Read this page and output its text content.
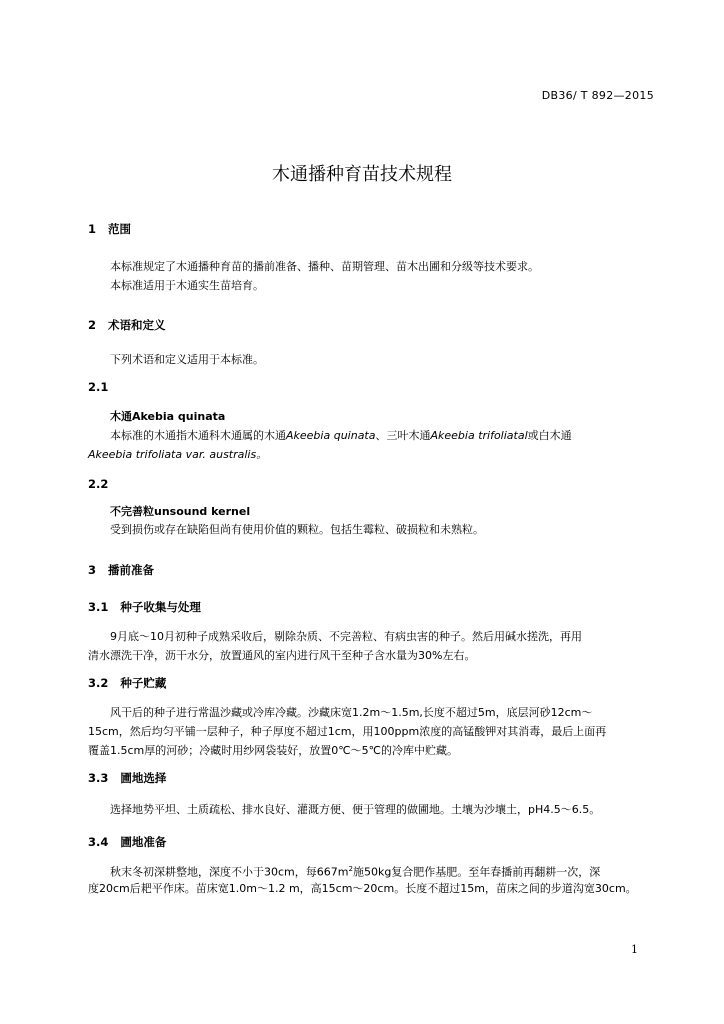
DB36/ T 892—2015
木通播种育苗技术规程
1 范围
本标准规定了木通播种育苗的播前准备、播种、苗期管理、苗木出圃和分级等技术要求。
本标准适用于木通实生苗培育。
2 术语和定义
下列术语和定义适用于本标准。
2.1
木通Akebia quinata
本标准的木通指木通科木通属的木通Akeebia quinata、三叶木通Akeebia trifoliatal或白木通
Akeebia trifoliata var. australis。
2.2
不完善粒unsound kernel
受到损伤或存在缺陷但尚有使用价值的颗粒。包括生霉粒、破损粒和未熟粒。
3 播前准备
3.1 种子收集与处理
9月底～10月初种子成熟采收后，剔除杂质、不完善粒、有病虫害的种子。然后用碱水搓洗，再用
清水漂洗干净，沥干水分，放置通风的室内进行风干至种子含水量为30%左右。
3.2 种子贮藏
风干后的种子进行常温沙藏或冷库冷藏。沙藏床宽1.2m～1.5m,长度不超过5m，底层河砂12cm～
15cm，然后均匀平铺一层种子，种子厚度不超过1cm，用100ppm浓度的高锰酸钾对其消毒，最后上面再
覆盖1.5cm厚的河砂；冷藏时用纱网袋装好，放置0℃～5℃的冷库中贮藏。
3.3 圃地选择
选择地势平坦、土质疏松、排水良好、灌溉方便、便于管理的做圃地。土壤为沙壤土，pH4.5～6.5。
3.4 圃地准备
秋末冬初深耕整地，深度不小于30cm，每$667m^2$施50kg复合肥作基肥。至年春播前再翻耕一次，深
度20cm后耙平作床。苗床宽1.0m～1.2 m，高15cm～20cm。长度不超过15m，苗床之间的步道沟宽30cm。
1
